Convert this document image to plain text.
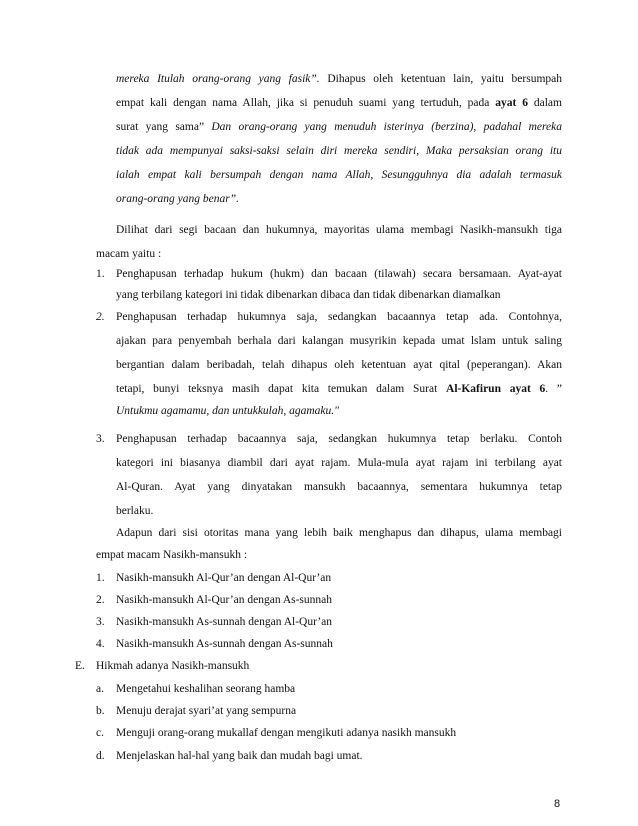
mereka Itulah orang-orang yang fasik”. Dihapus oleh ketentuan lain, yaitu bersumpah
empat kali dengan nama Allah, jika si penuduh suami yang tertuduh, pada ayat 6 dalam
surat yang sama” Dan orang-orang yang menuduh isterinya (berzina), padahal mereka
tidak ada mempunyai saksi-saksi selain diri mereka sendiri, Maka persaksian orang itu
ialah empat kali bersumpah dengan nama Allah, Sesungguhnya dia adalah termasuk
orang-orang yang benar”.
Dilihat dari segi bacaan dan hukumnya, mayoritas ulama membagi Nasikh-mansukh tiga
macam yaitu :
1. Penghapusan terhadap hukum (hukm) dan bacaan (tilawah) secara bersamaan. Ayat-ayat
yang terbilang kategori ini tidak dibenarkan dibaca dan tidak dibenarkan diamalkan
2. Penghapusan terhadap hukumnya saja, sedangkan bacaannya tetap ada. Contohnya,
ajakan para penyembah berhala dari kalangan musyrikin kepada umat lslam untuk saling
bergantian dalam beribadah, telah dihapus oleh ketentuan ayat qital (peperangan). Akan
tetapi, bunyi teksnya masih dapat kita temukan dalam Surat Al-Kafirun ayat 6. ”
Untukmu agamamu, dan untukkulah, agamaku."
3. Penghapusan terhadap bacaannya saja, sedangkan hukumnya tetap berlaku. Contoh
kategori ini biasanya diambil dari ayat rajam. Mula-mula ayat rajam ini terbilang ayat
Al-Quran. Ayat yang dinyatakan mansukh bacaannya, sementara hukumnya tetap
berlaku.
Adapun dari sisi otoritas mana yang lebih baik menghapus dan dihapus, ulama membagi
empat macam Nasikh-mansukh :
1. Nasikh-mansukh Al-Qur’an dengan Al-Qur’an
2. Nasikh-mansukh Al-Qur’an dengan As-sunnah
3. Nasikh-mansukh As-sunnah dengan Al-Qur’an
4. Nasikh-mansukh As-sunnah dengan As-sunnah
E. Hikmah adanya Nasikh-mansukh
a. Mengetahui keshalihan seorang hamba
b. Menuju derajat syari’at yang sempurna
c. Menguji orang-orang mukallaf dengan mengikuti adanya nasikh mansukh
d. Menjelaskan hal-hal yang baik dan mudah bagi umat.
8
